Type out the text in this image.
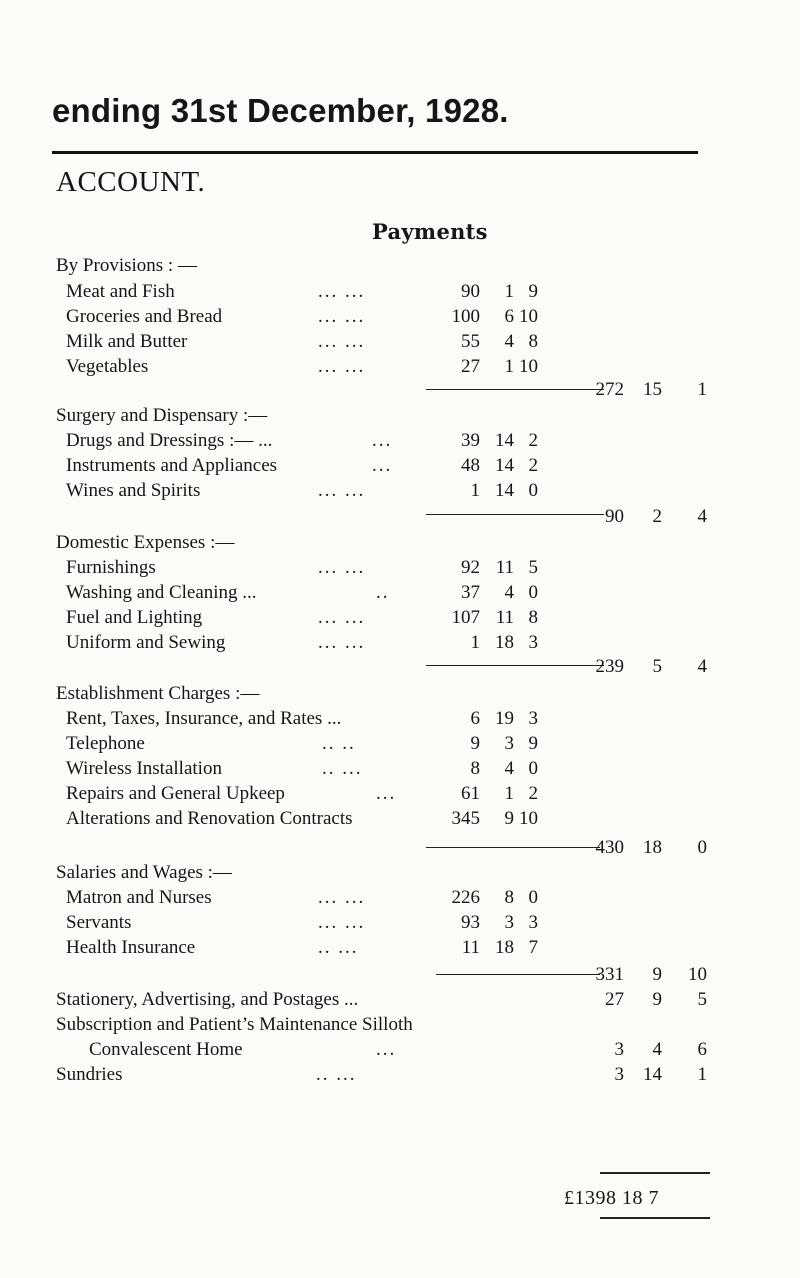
ending 31st December, 1928.
ACCOUNT.
Payments
By Provisions : —
Meat and Fish	... ...	90	1 9
Groceries and Bread	... ...	100	6 10
Milk and Butter	... ...	55	4 8
Vegetables	... ...	27	1 10
272	15	1
Surgery and Dispensary :—
Drugs and Dressings :— ...	...	39 14 2
Instruments and Appliances	...	48 14 2
Wines and Spirits	... ...	1 14 0
90	2	4
Domestic Expenses :—
Furnishings	... ...	92 11 5
Washing and Cleaning ...	..	37	4 0
Fuel and Lighting	... ...	107 11 8
Uniform and Sewing	... ...	1 18 3
239	5	4
Establishment Charges :—
Rent, Taxes, Insurance, and Rates ...	6 19 3
Telephone	.. ..	9	3 9
Wireless Installation	.. ...	8	4 0
Repairs and General Upkeep	...	61	1 2
Alterations and Renovation Contracts	345	9 10
430	18	0
Salaries and Wages :—
Matron and Nurses	... ...	226	8 0
Servants	... ...	93	3 3
Health Insurance	.. ...	11 18 7
331	9	10
Stationery, Advertising, and Postages ...	27	9	5
Subscription and Patient’s Maintenance Silloth
Convalescent Home	...	3	4	6
Sundries	.. ...	3	14	1
£1398 18 7
